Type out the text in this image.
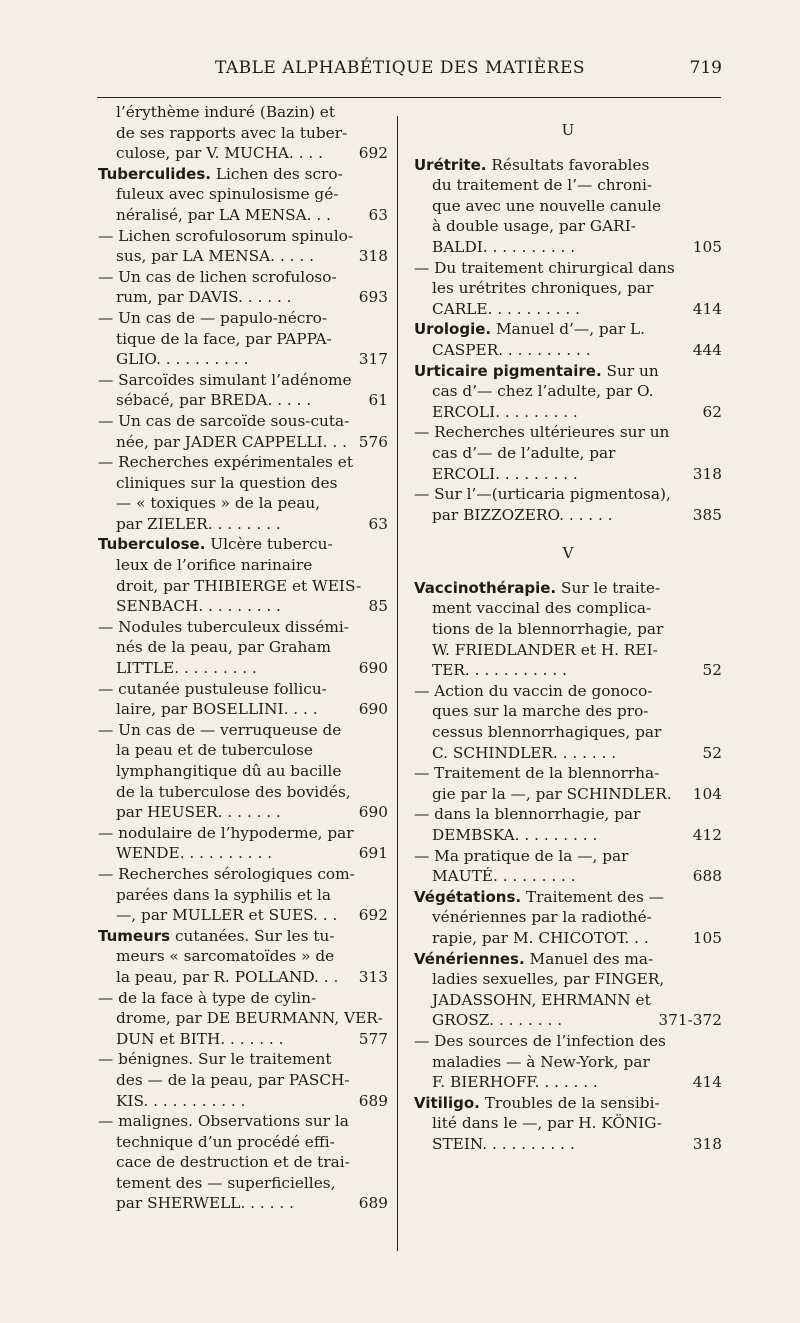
TABLE ALPHABÉTIQUE DES MATIÈRES	719
l’érythème induré (Bazin) et
de ses rapports avec la tuber-
culose, par V. MUCHA. . . . 692
Tuberculides. Lichen des scro-
fuleux avec spinulosisme gé-
néralisé, par LA MENSA. . . 63
— Lichen scrofulosorum spinulo-
sus, par LA MENSA. . . . .	318
— Un cas de lichen scrofuloso-
rum, par DAVIS. . . . . .	693
— Un cas de — papulo-nécro-
tique de la face, par PAPPA-
GLIO. . . . . . . . . .	317
— Sarcoïdes simulant l’adénome
sébacé, par BREDA. . . . .	61
— Un cas de sarcoïde sous-cuta-
née, par JADER CAPPELLI. . . 576
— Recherches expérimentales et
cliniques sur la question des
— « toxiques » de la peau,
par ZIELER. . . . . . . .	63
Tuberculose. Ulcère tubercu-
leux de l’orifice narinaire
droit, par THIBIERGE et WEIS-
SENBACH. . . . . . . . .	85
— Nodules tuberculeux dissémi-
nés de la peau, par Graham
LITTLE. . . . . . . . .	690
— cutanée pustuleuse follicu-
laire, par BOSELLINI. . . .	690
— Un cas de — verruqueuse de
la peau et de tuberculose
lymphangitique dû au bacille
de la tuberculose des bovidés,
par HEUSER. . . . . . .	690
— nodulaire de l’hypoderme, par
WENDE. . . . . . . . . .	691
— Recherches sérologiques com-
parées dans la syphilis et la
—, par MULLER et SUES. . . 692
Tumeurs cutanées. Sur les tu-
meurs « sarcomatoïdes » de
la peau, par R. POLLAND. . . 313
— de la face à type de cylin-
drome, par DE BEURMANN, VER-
DUN et BITH. . . . . . .	577
— bénignes. Sur le traitement
des — de la peau, par PASCH-
KIS. . . . . . . . . . .	689
— malignes. Observations sur la
technique d’un procédé effi-
cace de destruction et de trai-
tement des — superficielles,
par SHERWELL. . . . . .	689
U
Urétrite. Résultats favorables
du traitement de l’— chroni-
que avec une nouvelle canule
à double usage, par GARI-
BALDI. . . . . . . . . .	105
— Du traitement chirurgical dans
les urétrites chroniques, par
CARLE. . . . . . . . . .	414
Urologie. Manuel d’—, par L.
CASPER. . . . . . . . . .	444
Urticaire pigmentaire. Sur un
cas d’— chez l’adulte, par O.
ERCOLI. . . . . . . . .	62
— Recherches ultérieures sur un
cas d’— de l’adulte, par
ERCOLI. . . . . . . . .	318
— Sur l’—(urticaria pigmentosa),
par BIZZOZERO. . . . . .	385
V
Vaccinothérapie. Sur le traite-
ment vaccinal des complica-
tions de la blennorrhagie, par
W. FRIEDLANDER et H. REI-
TER. . . . . . . . . . .	52
— Action du vaccin de gonoco-
ques sur la marche des pro-
cessus blennorrhagiques, par
C. SCHINDLER. . . . . . .	52
— Traitement de la blennorrha-
gie par la —, par SCHINDLER. 104
— dans la blennorrhagie, par
DEMBSKA. . . . . . . . .	412
— Ma pratique de la —, par
MAUTÉ. . . . . . . . .	688
Végétations. Traitement des —
vénériennes par la radiothé-
rapie, par M. CHICOTOT. . .	105
Vénériennes. Manuel des ma-
ladies sexuelles, par FINGER,
JADASSOHN, EHRMANN et
GROSZ. . . . . . . .	371-372
— Des sources de l’infection des
maladies — à New-York, par
F. BIERHOFF. . . . . . .	414
Vitiligo. Troubles de la sensibi-
lité dans le —, par H. KÖNIG-
STEIN. . . . . . . . . .	318
